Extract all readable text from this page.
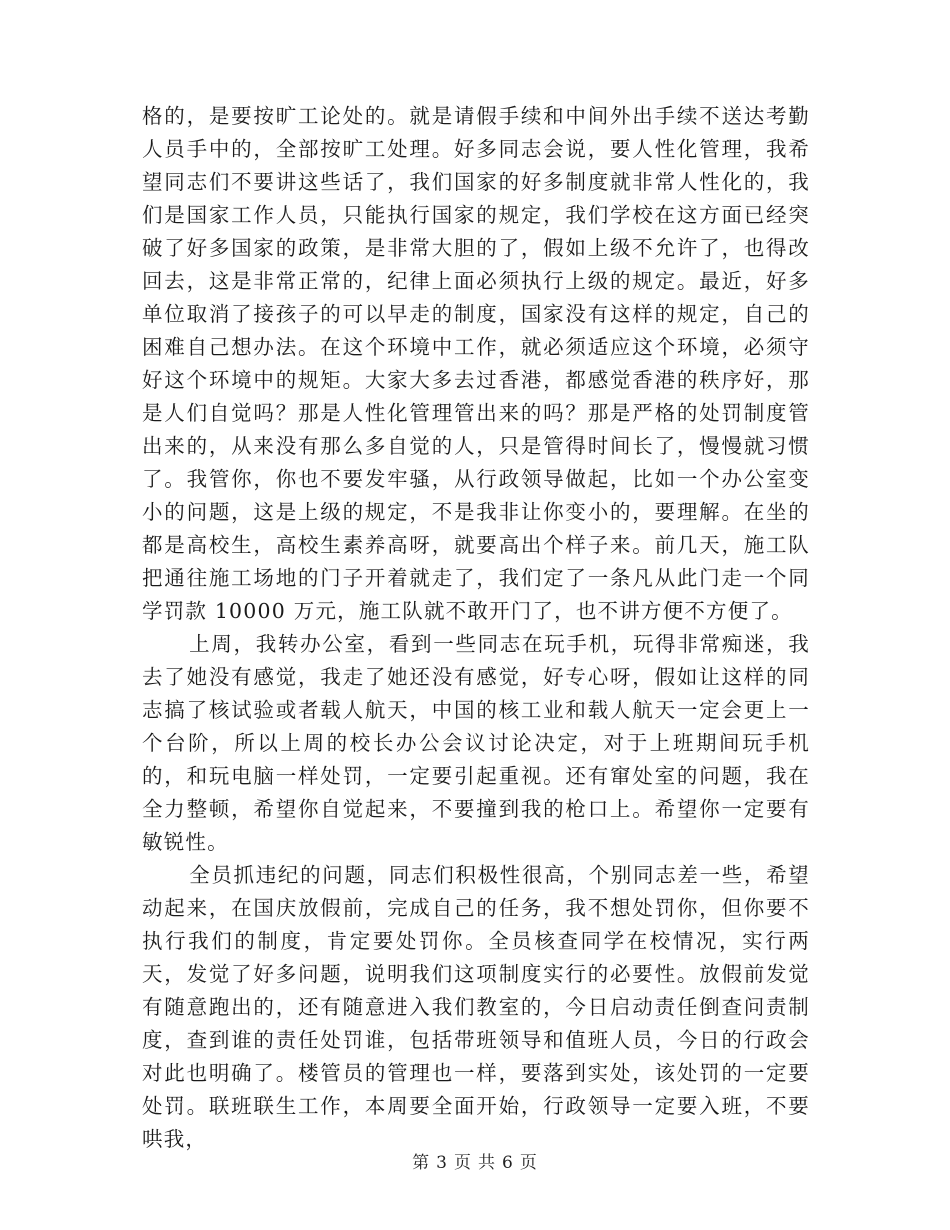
格的，是要按旷工论处的。就是请假手续和中间外出手续不送达考勤人员手中的，全部按旷工处理。好多同志会说，要人性化管理，我希望同志们不要讲这些话了，我们国家的好多制度就非常人性化的，我们是国家工作人员，只能执行国家的规定，我们学校在这方面已经突破了好多国家的政策，是非常大胆的了，假如上级不允许了，也得改回去，这是非常正常的，纪律上面必须执行上级的规定。最近，好多单位取消了接孩子的可以早走的制度，国家没有这样的规定，自己的困难自己想办法。在这个环境中工作，就必须适应这个环境，必须守好这个环境中的规矩。大家大多去过香港，都感觉香港的秩序好，那是人们自觉吗？那是人性化管理管出来的吗？那是严格的处罚制度管出来的，从来没有那么多自觉的人，只是管得时间长了，慢慢就习惯了。我管你，你也不要发牢骚，从行政领导做起，比如一个办公室变小的问题，这是上级的规定，不是我非让你变小的，要理解。在坐的都是高校生，高校生素养高呀，就要高出个样子来。前几天，施工队把通往施工场地的门子开着就走了，我们定了一条凡从此门走一个同学罚款 10000 万元，施工队就不敢开门了，也不讲方便不方便了。

上周，我转办公室，看到一些同志在玩手机，玩得非常痴迷，我去了她没有感觉，我走了她还没有感觉，好专心呀，假如让这样的同志搞了核试验或者载人航天，中国的核工业和载人航天一定会更上一个台阶，所以上周的校长办公会议讨论决定，对于上班期间玩手机的，和玩电脑一样处罚，一定要引起重视。还有窜处室的问题，我在全力整顿，希望你自觉起来，不要撞到我的枪口上。希望你一定要有敏锐性。

全员抓违纪的问题，同志们积极性很高，个别同志差一些，希望动起来，在国庆放假前，完成自己的任务，我不想处罚你，但你要不执行我们的制度，肯定要处罚你。全员核查同学在校情况，实行两天，发觉了好多问题，说明我们这项制度实行的必要性。放假前发觉有随意跑出的，还有随意进入我们教室的，今日启动责任倒查问责制度，查到谁的责任处罚谁，包括带班领导和值班人员，今日的行政会对此也明确了。楼管员的管理也一样，要落到实处，该处罚的一定要处罚。联班联生工作，本周要全面开始，行政领导一定要入班，不要哄我，

第 3 页 共 6 页
